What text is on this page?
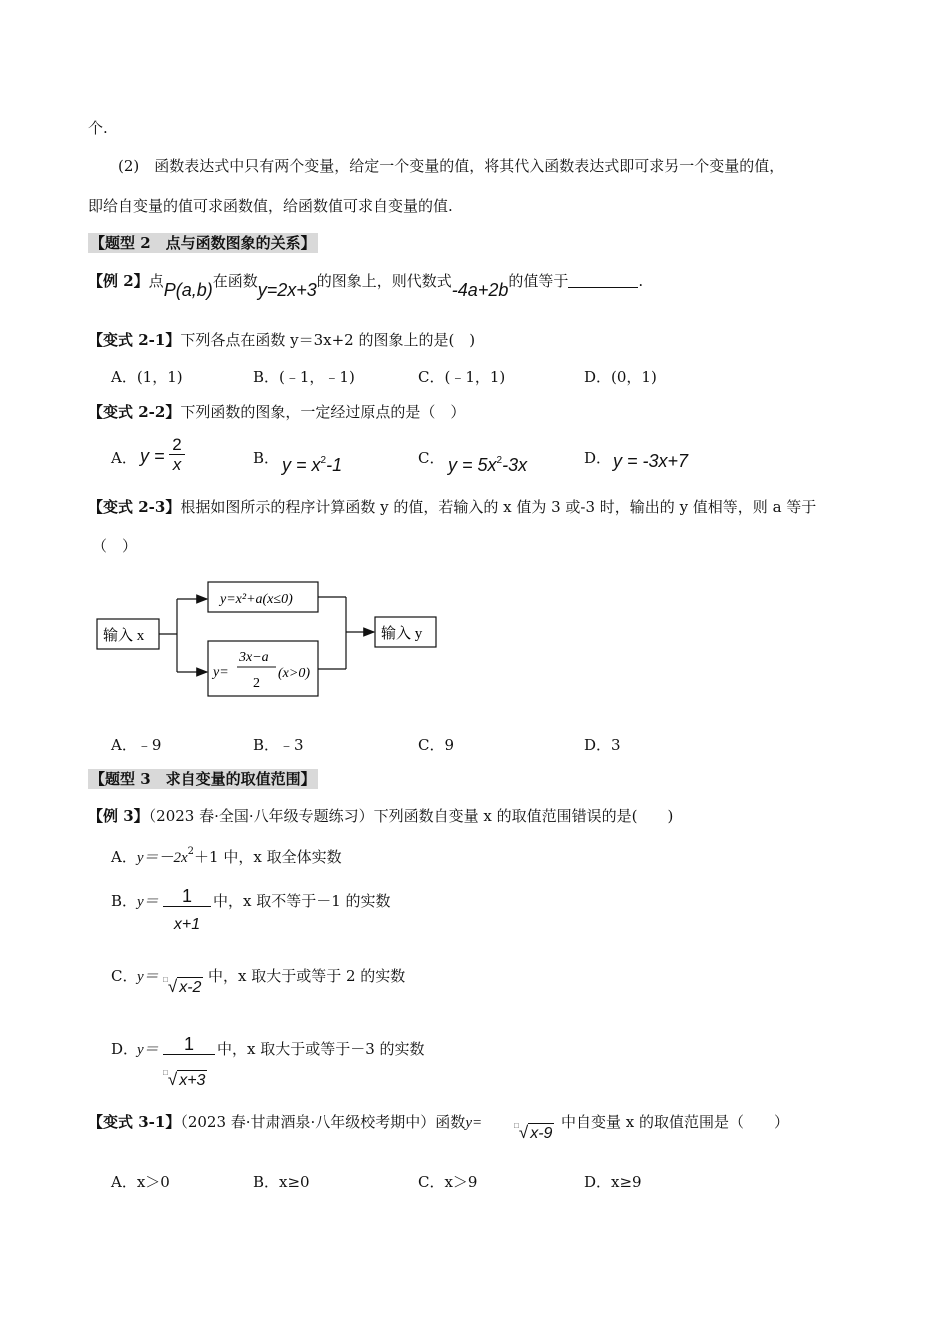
个.
(2)　函数表达式中只有两个变量，给定一个变量的值，将其代入函数表达式即可求另一个变量的值，
即给自变量的值可求函数值，给函数值可求自变量的值.
【题型 2　点与函数图象的关系】
【例 2】点P(a,b)在函数y=2x+3的图象上，则代数式-4a+2b的值等于	.
【变式 2-1】下列各点在函数 y＝3x+2 的图象上的是(　)
A．(1，1)	B．(﹣1，﹣1)	C．(﹣1，1)	D．(0，1)
【变式 2-2】下列函数的图象，一定经过原点的是（　）
A． $y = \frac{2}{x}$	B． $y = x^2-1$	C． $y = 5x^2-3x$	D． y = -3x+7
【变式 2-3】根据如图所示的程序计算函数 y 的值，若输入的 x 值为 3 或-3 时，输出的 y 值相等，则 a 等于
（　）
输入 x
y=x²+a(x≤0)
y=
3x−a
2
(x>0)
输入 y
A．﹣9	B．﹣3	C．9	D．3
【题型 3　求自变量的取值范围】
【例 3】（2023 春·全国·八年级专题练习）下列函数自变量 x 的取值范围错误的是(　　)
A．$y=-2x^2+1$ 中，x 取全体实数
B． y＝	1
x+1
中，x 取不等于－1 的实数
C． y＝ □√ x-2
中，x 取大于或等于 2 的实数
D．
y＝	1
□√ x+3
中，x 取大于或等于－3 的实数
【变式 3-1】（2023 春·甘肃酒泉·八年级校考期中）函数y=	□√ x-9
中自变量 x 的取值范围是（　　）
A．x＞0	B．x≥0	C．x＞9	D．x≥9
